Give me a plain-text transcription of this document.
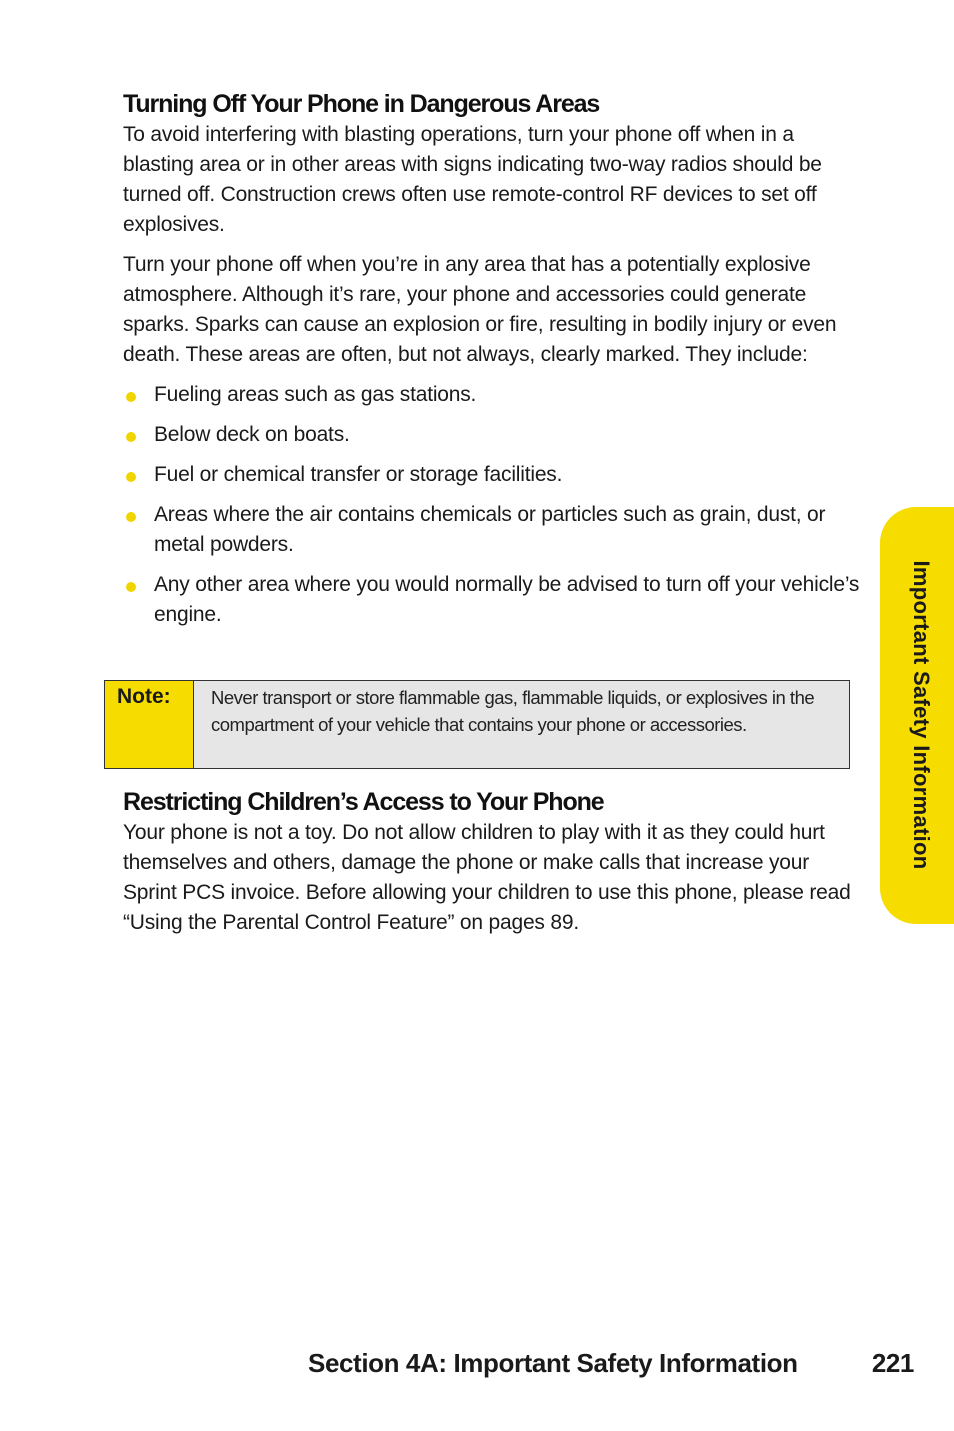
Turning Off Your Phone in Dangerous Areas

To avoid interfering with blasting operations, turn your phone off when in a blasting area or in other areas with signs indicating two-way radios should be turned off. Construction crews often use remote-control RF devices to set off explosives.

Turn your phone off when you’re in any area that has a potentially explosive atmosphere. Although it’s rare, your phone and accessories could generate sparks. Sparks can cause an explosion or fire, resulting in bodily injury or even death. These areas are often, but not always, clearly marked. They include:

Fueling areas such as gas stations.
Below deck on boats.
Fuel or chemical transfer or storage facilities.
Areas where the air contains chemicals or particles such as grain, dust, or metal powders.
Any other area where you would normally be advised to turn off your vehicle’s engine.
Note:	Never transport or store flammable gas, flammable liquids, or explosives in the compartment of your vehicle that contains your phone or accessories.
Restricting Children’s Access to Your Phone

Your phone is not a toy. Do not allow children to play with it as they could hurt themselves and others, damage the phone or make calls that increase your Sprint PCS invoice. Before allowing your children to use this phone, please read “Using the Parental Control Feature” on pages 89.

Important Safety Information
Section 4A: Important Safety Information	221
